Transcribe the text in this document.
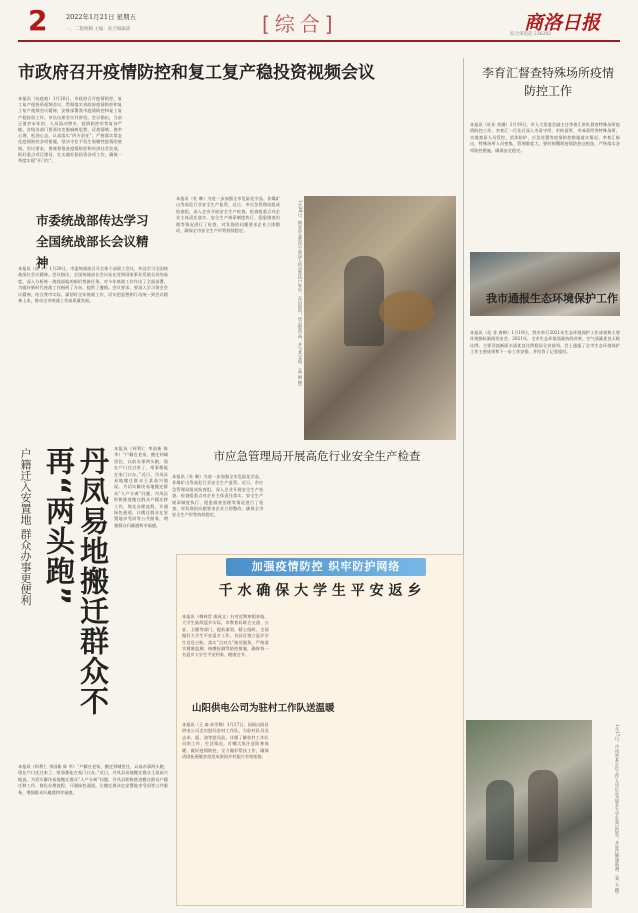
2	2022年1月21日 星期五
一、二版统稿 主编：综合编辑部	[综合]	商洛日报
综合部电话 236292
市政府召开疫情防控和复工复产稳投资视频会议
本报讯（抗疫痕）1月20日，市政府召开疫情防控、复工复产稳投资视频会议，贯彻落实省政府疫情防控和复工复产视频会议精神，安排部署我市疫情防控和复工复产稳投资工作。市长出席会议并讲话。会议指出，当前正值岁末年初，人员流动增多，疫情防控形势复杂严峻。各级各部门要坚决克服麻痹思想、厌战情绪、侥幸心理、松劲心态，认真落实“四方责任”，严格落实常态化疫情防控各项措施，坚决守住不发生规模性疫情的底线。会议要求，要统筹推进疫情防控和经济社会发展，抓好重点项目建设，扎实做好稳投资各项工作，确保一季度实现“开门红”。
李育汇督查特殊场所疫情防控工作
本报讯（杜亚 余潮）1月19日，市人大常委会副主任李育汇带队督查特殊场所疫情防控工作。李育汇一行先后深入市看守所、市拘留所、市戒毒所等特殊场所，实地查看人员管控、消杀防护、应急处置等疫情防控措施落实情况。李育汇指出，特殊场所人员密集、管理难度大，要时刻绷紧疫情防控这根弦，严格落实各项防控措施，确保安全稳定。
市委统战部传达学习全国统战部长会议精神
本报讯（孙 平）1月20日，市委统战部召开全体干部职工会议，传达学习全国统战部长会议精神。会议指出，全国统战部长会议站在党和国家事业发展全局的高度，深入分析统一战线面临的新形势新任务，对今年统战工作作出了全面部署，为做好新时代统战工作指明了方向、提供了遵循。会议要求，要深入学习领会会议精神，结合我市实际，谋划好全年统战工作，切实把思想和行动统一到会议精神上来，推动全市统战工作高质量发展。
本报讯（杜 琳）为进一步加强全市危险化学品、非煤矿山等高危行业安全生产监管，近日，市应急管理局组成检查组，深入企业开展安全生产检查。检查组重点对企业主体责任落实、安全生产规章制度执行、隐患排查治理等情况进行了检查，对发现的问题要求企业立即整改，确保全市安全生产形势持续稳定。	1月20日，镇安县各帮扶干部深入结对帮扶户家中，走访慰问，送去慰问品，并与其交流。（高 娟 摄）
市应急管理局开展高危行业安全生产检查
本报讯（杜 琳）为进一步加强全市危险化学品、非煤矿山等高危行业安全生产监管，近日，市应急管理局组成检查组，深入企业开展安全生产检查。检查组重点对企业主体责任落实、安全生产规章制度执行、隐患排查治理等情况进行了检查，对发现的问题要求企业立即整改，确保全市安全生产形势持续稳定。
我市通报生态环境保护工作
本报讯（化 非 唐梅）1月19日，我市举行2021年生态环境保护工作成效和主要环境指标新闻发布会。2021年，全市生态环境质量持续改善，空气质量优良天数比例、主要河流断面水质优良比例稳居全省前列。会上通报了全市生态环境保护工作主要成效和下一步工作安排，并回答了记者提问。
丹凤易地搬迁群众不再“两头跑”
户籍迁入安置地 群众办事更便利	本报讯（柯利仁 李国新 陈 华）“户籍在老家，搬迁到城里住，以前办事两头跑，现在户口迁过来了，啥事都能在家门口办。”近日，丹凤县易地搬迁群众王某高兴地说。为切实解决易地搬迁群众“人户分离”问题，丹凤县积极推进搬迁群众户籍迁移工作，简化办理流程，开通绿色通道，让搬迁群众在安置地享受同等公共服务，增强群众归属感和幸福感。
本报讯（柯利仁 李国新 陈 华）“户籍在老家，搬迁到城里住，以前办事两头跑，现在户口迁过来了，啥事都能在家门口办。”近日，丹凤县易地搬迁群众王某高兴地说。为切实解决易地搬迁群众“人户分离”问题，丹凤县积极推进搬迁群众户籍迁移工作，简化办理流程，开通绿色通道，让搬迁群众在安置地享受同等公共服务，增强群众归属感和幸福感。
加强疫情防控 织牢防护网络
千 水 确 保 大 学 生 平 安 返 乡
本报讯（梅林青 康成文）针对近期寒假来临、大学生陆续返乡实际，市教育局联合交通、公安、卫健等部门，提前谋划，精心组织，全面做好大学生平安返乡工作。各县区建立返乡学生信息台账，落实“点对点”接送服务，严格落实健康监测、核酸检测等防控措施，确保每一名返乡大学生平安到家、健康过节。
山阳供电公司为驻村工作队送温暖
本报讯（王 森 孙雪梅）1月17日，国网山阳县供电公司走访慰问驻村工作队，为驻村队员送去米、面、油等慰问品，详细了解驻村工作队员的工作、生活情况，叮嘱大家注意防寒保暖，做好疫情防控，全力做好帮扶工作，确保巩固拓展脱贫攻坚成果同乡村振兴有效衔接。	1月17日，丹凤县某小区工作人员正在为返乡大学生登记信息，并进行健康监测。（刘 玉 摄）
